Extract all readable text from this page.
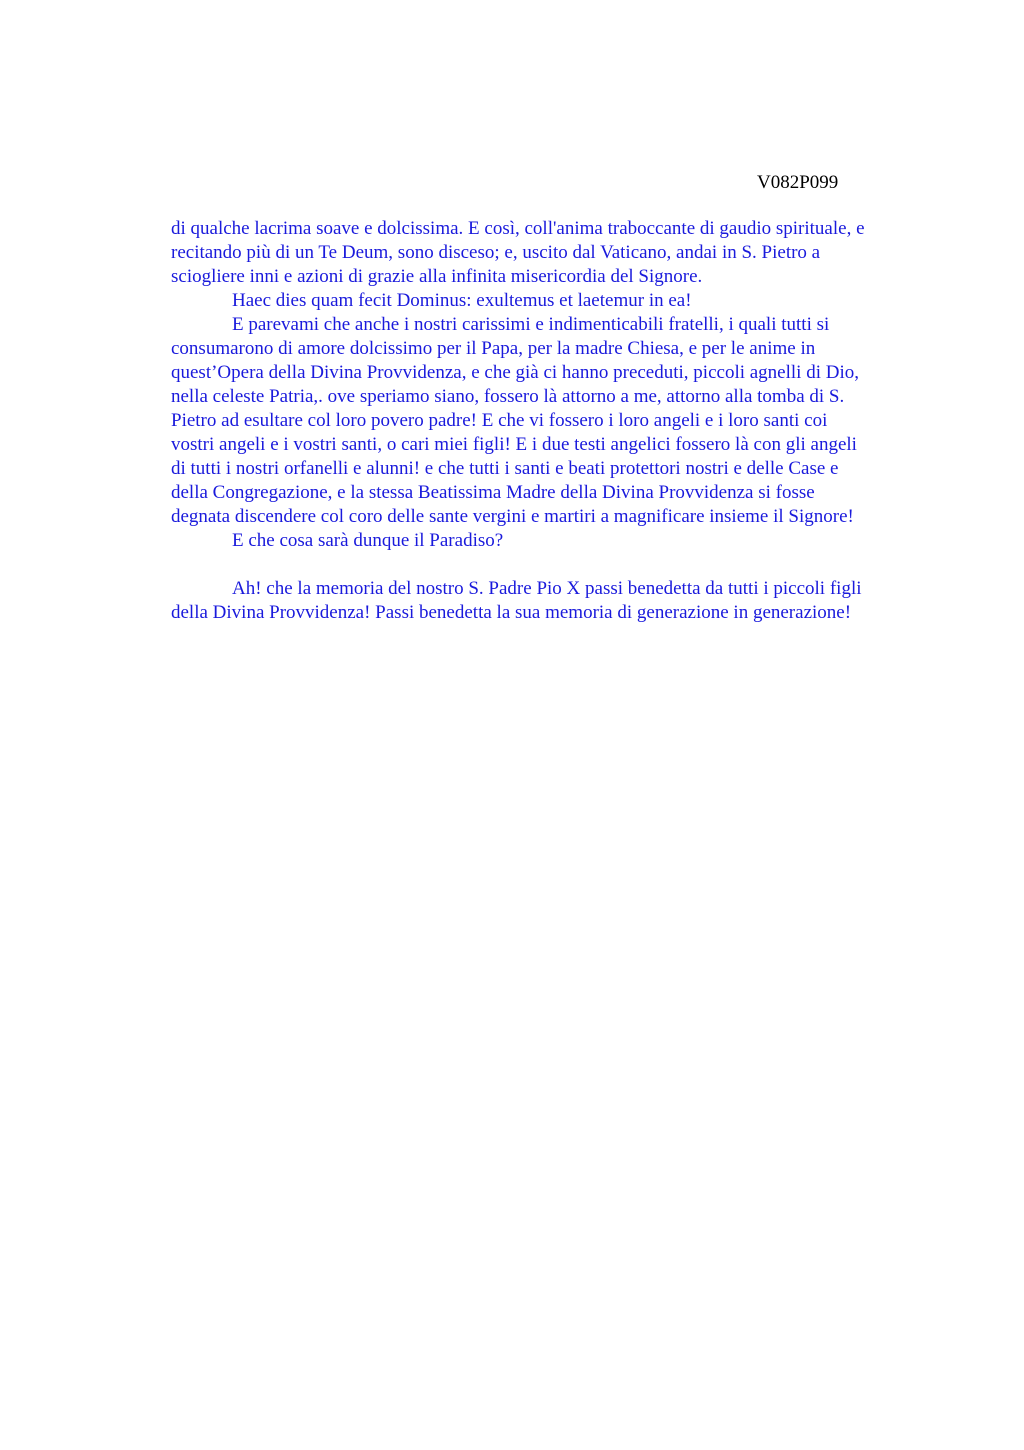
V082P099
di qualche lacrima soave e dolcissima. E così, coll'anima traboccante di gaudio spirituale, e
recitando più di un Te Deum, sono disceso; e, uscito dal Vaticano, andai in S. Pietro a
sciogliere inni e azioni di grazie alla infinita misericordia del Signore.
Haec dies quam fecit Dominus: exultemus et laetemur in ea!
E parevami che anche i nostri carissimi e indimenticabili fratelli, i quali tutti si
consumarono di amore dolcissimo per il Papa, per la madre Chiesa, e per le anime in
quest’Opera della Divina Provvidenza, e che già ci hanno preceduti, piccoli agnelli di Dio,
nella celeste Patria,. ove speriamo siano, fossero là attorno a me, attorno alla tomba di S.
Pietro ad esultare col loro povero padre! E che vi fossero i loro angeli e i loro santi coi
vostri angeli e i vostri santi, o cari miei figli! E i due testi angelici fossero là con gli angeli
di tutti i nostri orfanelli e alunni! e che tutti i santi e beati protettori nostri e delle Case e
della Congregazione, e la stessa Beatissima Madre della Divina Provvidenza si fosse
degnata discendere col coro delle sante vergini e martiri a magnificare insieme il Signore!
E che cosa sarà dunque il Paradiso?
Ah! che la memoria del nostro S. Padre Pio X passi benedetta da tutti i piccoli figli
della Divina Provvidenza! Passi benedetta la sua memoria di generazione in generazione!
